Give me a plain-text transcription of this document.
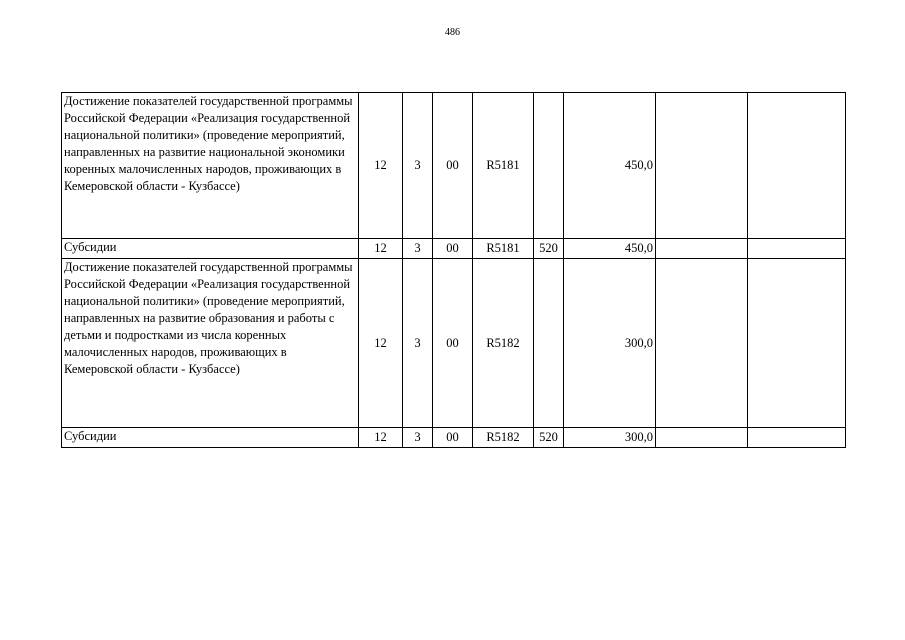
486
Достижение показателей государственной программы Российской Федерации «Реализация государственной национальной политики» (проведение мероприятий, направленных на развитие национальной экономики коренных малочисленных народов, проживающих в Кемеровской области - Кузбассе)	12	3	00	R5181		450,0		
Субсидии	12	3	00	R5181	520	450,0		
Достижение показателей государственной программы Российской Федерации «Реализация государственной национальной политики» (проведение мероприятий, направленных на развитие образования и работы с детьми и подростками из числа коренных малочисленных народов, проживающих в Кемеровской области - Кузбассе)	12	3	00	R5182		300,0		
Субсидии	12	3	00	R5182	520	300,0		
